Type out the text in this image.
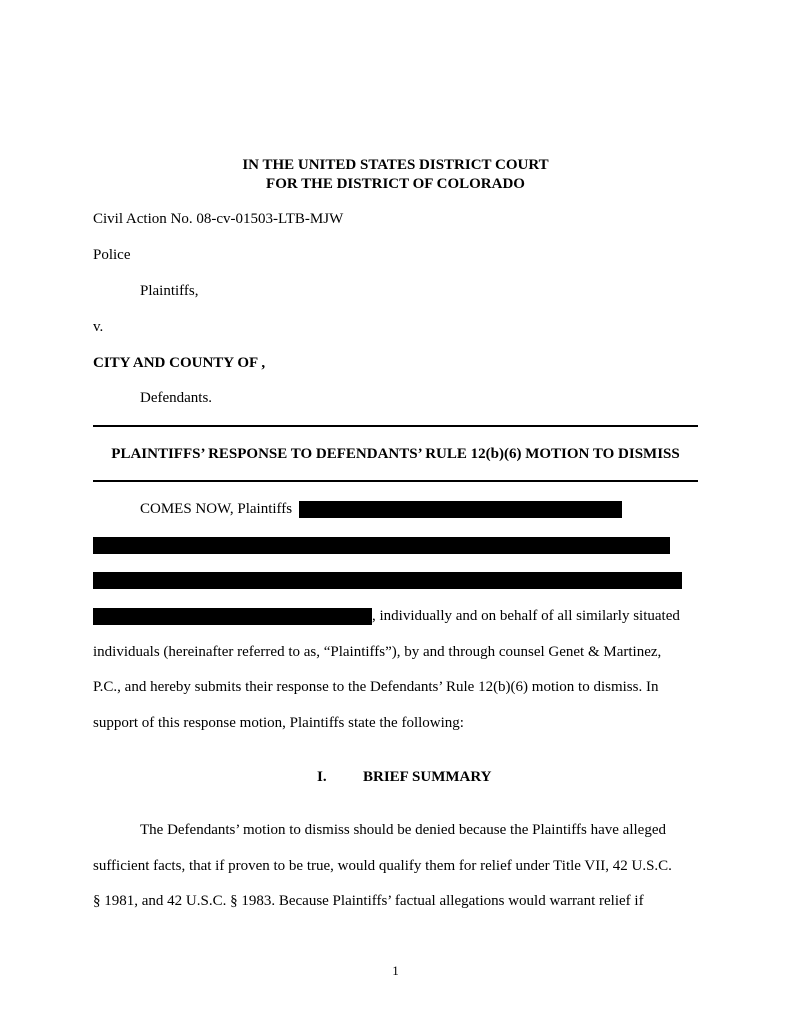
IN THE UNITED STATES DISTRICT COURT
FOR THE DISTRICT OF COLORADO
Civil Action No. 08-cv-01503-LTB-MJW
Police
Plaintiffs,
v.
CITY AND COUNTY OF ,
Defendants.
PLAINTIFFS’ RESPONSE TO DEFENDANTS’ RULE 12(b)(6) MOTION TO DISMISS
COMES NOW, Plaintiffs
, individually and on behalf of all similarly situated
individuals (hereinafter referred to as, “Plaintiffs”), by and through counsel Genet & Martinez,
P.C., and hereby submits their response to the Defendants’ Rule 12(b)(6) motion to dismiss. In
support of this response motion, Plaintiffs state the following:
I. BRIEF SUMMARY
The Defendants’ motion to dismiss should be denied because the Plaintiffs have alleged
sufficient facts, that if proven to be true, would qualify them for relief under Title VII, 42 U.S.C.
§ 1981, and 42 U.S.C. § 1983. Because Plaintiffs’ factual allegations would warrant relief if
1
